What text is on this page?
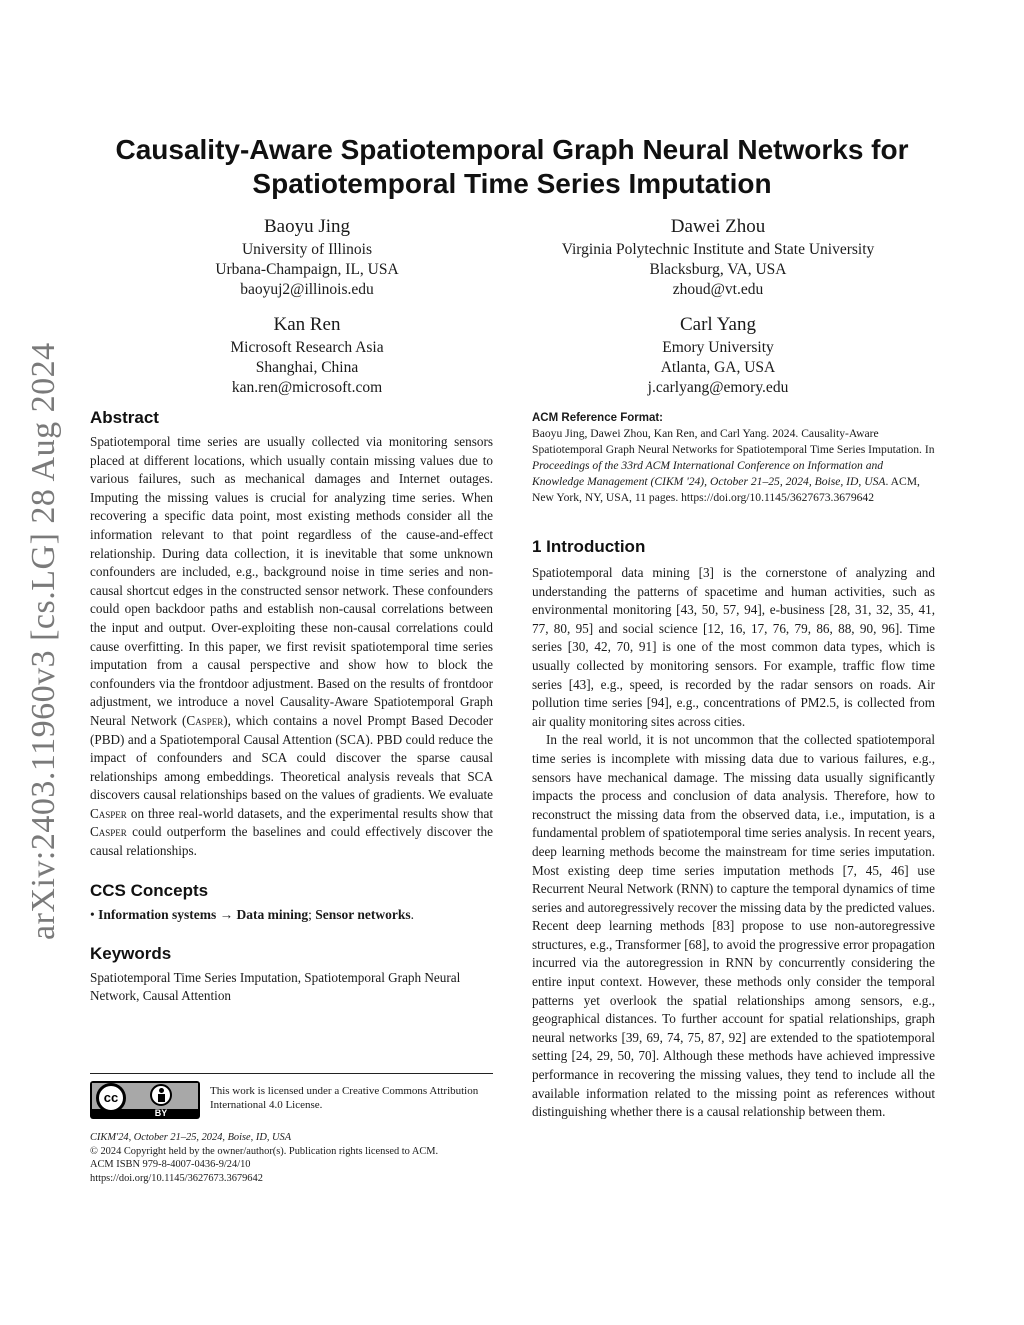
arXiv:2403.11960v3 [cs.LG] 28 Aug 2024
Causality-Aware Spatiotemporal Graph Neural Networks for Spatiotemporal Time Series Imputation
Baoyu Jing
University of Illinois
Urbana-Champaign, IL, USA
baoyuj2@illinois.edu
Dawei Zhou
Virginia Polytechnic Institute and State University
Blacksburg, VA, USA
zhoud@vt.edu
Kan Ren
Microsoft Research Asia
Shanghai, China
kan.ren@microsoft.com
Carl Yang
Emory University
Atlanta, GA, USA
j.carlyang@emory.edu
Abstract

Spatiotemporal time series are usually collected via monitoring sensors placed at different locations, which usually contain missing values due to various failures, such as mechanical damages and Internet outages. Imputing the missing values is crucial for analyzing time series. When recovering a specific data point, most existing methods consider all the information relevant to that point regardless of the cause-and-effect relationship. During data collection, it is inevitable that some unknown confounders are included, e.g., background noise in time series and non-causal shortcut edges in the constructed sensor network. These confounders could open backdoor paths and establish non-causal correlations between the input and output. Over-exploiting these non-causal correlations could cause overfitting. In this paper, we first revisit spatiotemporal time series imputation from a causal perspective and show how to block the confounders via the frontdoor adjustment. Based on the results of frontdoor adjustment, we introduce a novel Causality-Aware Spatiotemporal Graph Neural Network (Casper), which contains a novel Prompt Based Decoder (PBD) and a Spatiotemporal Causal Attention (SCA). PBD could reduce the impact of confounders and SCA could discover the sparse causal relationships among embeddings. Theoretical analysis reveals that SCA discovers causal relationships based on the values of gradients. We evaluate Casper on three real-world datasets, and the experimental results show that Casper could outperform the baselines and could effectively discover the causal relationships.

CCS Concepts

• Information systems → Data mining; Sensor networks.

Keywords

Spatiotemporal Time Series Imputation, Spatiotemporal Graph Neural Network, Causal Attention

cc
BY
This work is licensed under a Creative Commons Attribution International 4.0 License.
CIKM'24, October 21–25, 2024, Boise, ID, USA
© 2024 Copyright held by the owner/author(s). Publication rights licensed to ACM.
ACM ISBN 979-8-4007-0436-9/24/10
https://doi.org/10.1145/3627673.3679642

ACM Reference Format:

Baoyu Jing, Dawei Zhou, Kan Ren, and Carl Yang. 2024. Causality-Aware Spatiotemporal Graph Neural Networks for Spatiotemporal Time Series Imputation. In Proceedings of the 33rd ACM International Conference on Information and Knowledge Management (CIKM '24), October 21–25, 2024, Boise, ID, USA. ACM, New York, NY, USA, 11 pages. https://doi.org/10.1145/3627673.3679642

1 Introduction

Spatiotemporal data mining [3] is the cornerstone of analyzing and understanding the patterns of spacetime and human activities, such as environmental monitoring [43, 50, 57, 94], e-business [28, 31, 32, 35, 41, 77, 80, 95] and social science [12, 16, 17, 76, 79, 86, 88, 90, 96]. Time series [30, 42, 70, 91] is one of the most common data types, which is usually collected by monitoring sensors. For example, traffic flow time series [43], e.g., speed, is recorded by the radar sensors on roads. Air pollution time series [94], e.g., concentrations of PM2.5, is collected from air quality monitoring sites across cities.

In the real world, it is not uncommon that the collected spatiotemporal time series is incomplete with missing data due to various failures, e.g., sensors have mechanical damage. The missing data usually significantly impacts the process and conclusion of data analysis. Therefore, how to reconstruct the missing data from the observed data, i.e., imputation, is a fundamental problem of spatiotemporal time series analysis. In recent years, deep learning methods become the mainstream for time series imputation. Most existing deep time series imputation methods [7, 45, 46] use Recurrent Neural Network (RNN) to capture the temporal dynamics of time series and autoregressively recover the missing data by the predicted values. Recent deep learning methods [83] propose to use non-autoregressive structures, e.g., Transformer [68], to avoid the progressive error propagation incurred via the autoregression in RNN by concurrently considering the entire input context. However, these methods only consider the temporal patterns yet overlook the spatial relationships among sensors, e.g., geographical distances. To further account for spatial relationships, graph neural networks [39, 69, 74, 75, 87, 92] are extended to the spatiotemporal setting [24, 29, 50, 70]. Although these methods have achieved impressive performance in recovering the missing values, they tend to include all the available information related to the missing point as references without distinguishing whether there is a causal relationship between them.
